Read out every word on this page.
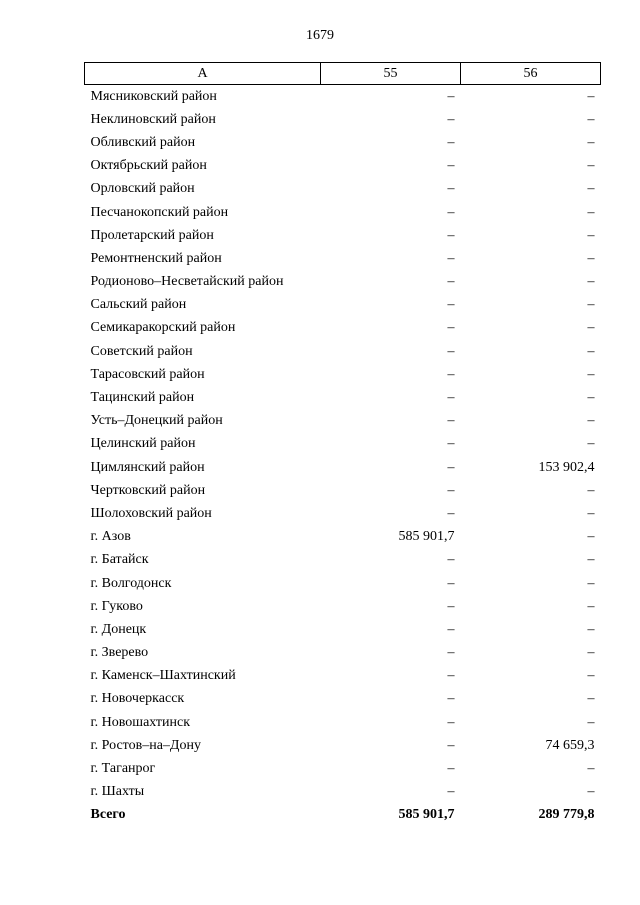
1679
А	55	56
Мясниковский район	–	–
Неклиновский район	–	–
Обливский район	–	–
Октябрьский район	–	–
Орловский район	–	–
Песчанокопский район	–	–
Пролетарский район	–	–
Ремонтненский район	–	–
Родионово–Несветайский район	–	–
Сальский район	–	–
Семикаракорский район	–	–
Советский район	–	–
Тарасовский район	–	–
Тацинский район	–	–
Усть–Донецкий район	–	–
Целинский район	–	–
Цимлянский район	–	153 902,4
Чертковский район	–	–
Шолоховский район	–	–
г. Азов	585 901,7	–
г. Батайск	–	–
г. Волгодонск	–	–
г. Гуково	–	–
г. Донецк	–	–
г. Зверево	–	–
г. Каменск–Шахтинский	–	–
г. Новочеркасск	–	–
г. Новошахтинск	–	–
г. Ростов–на–Дону	–	74 659,3
г. Таганрог	–	–
г. Шахты	–	–
Всего	585 901,7	289 779,8
